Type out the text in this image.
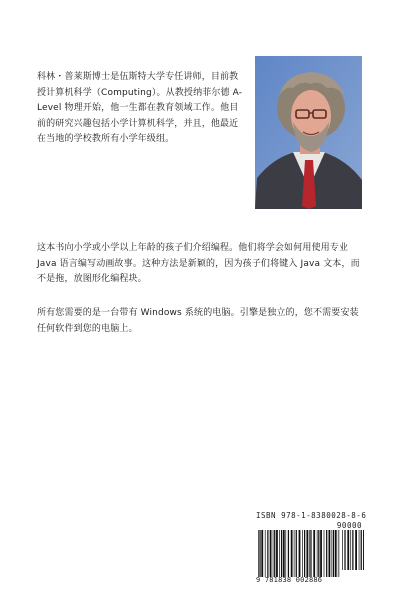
科林・普莱斯博士是伍斯特大学专任讲师，目前教授计算机科学（Computing）。从教授纳菲尔德 A-Level 物理开始，他一生都在教育领域工作。他目前的研究兴趣包括小学计算机科学，并且，他最近在当地的学校教所有小学年级组。

这本书向小学或小学以上年龄的孩子们介绍编程。他们将学会如何用使用专业 Java 语言编写动画故事。这种方法是新颖的，因为孩子们将键入 Java 文本，而不是拖，放图形化编程块。

所有您需要的是一台带有 Windows 系统的电脑。引擎是独立的，您不需要安装任何软件到您的电脑上。

ISBN 978-1-8380028-8-6
90000
9 781838 002886
